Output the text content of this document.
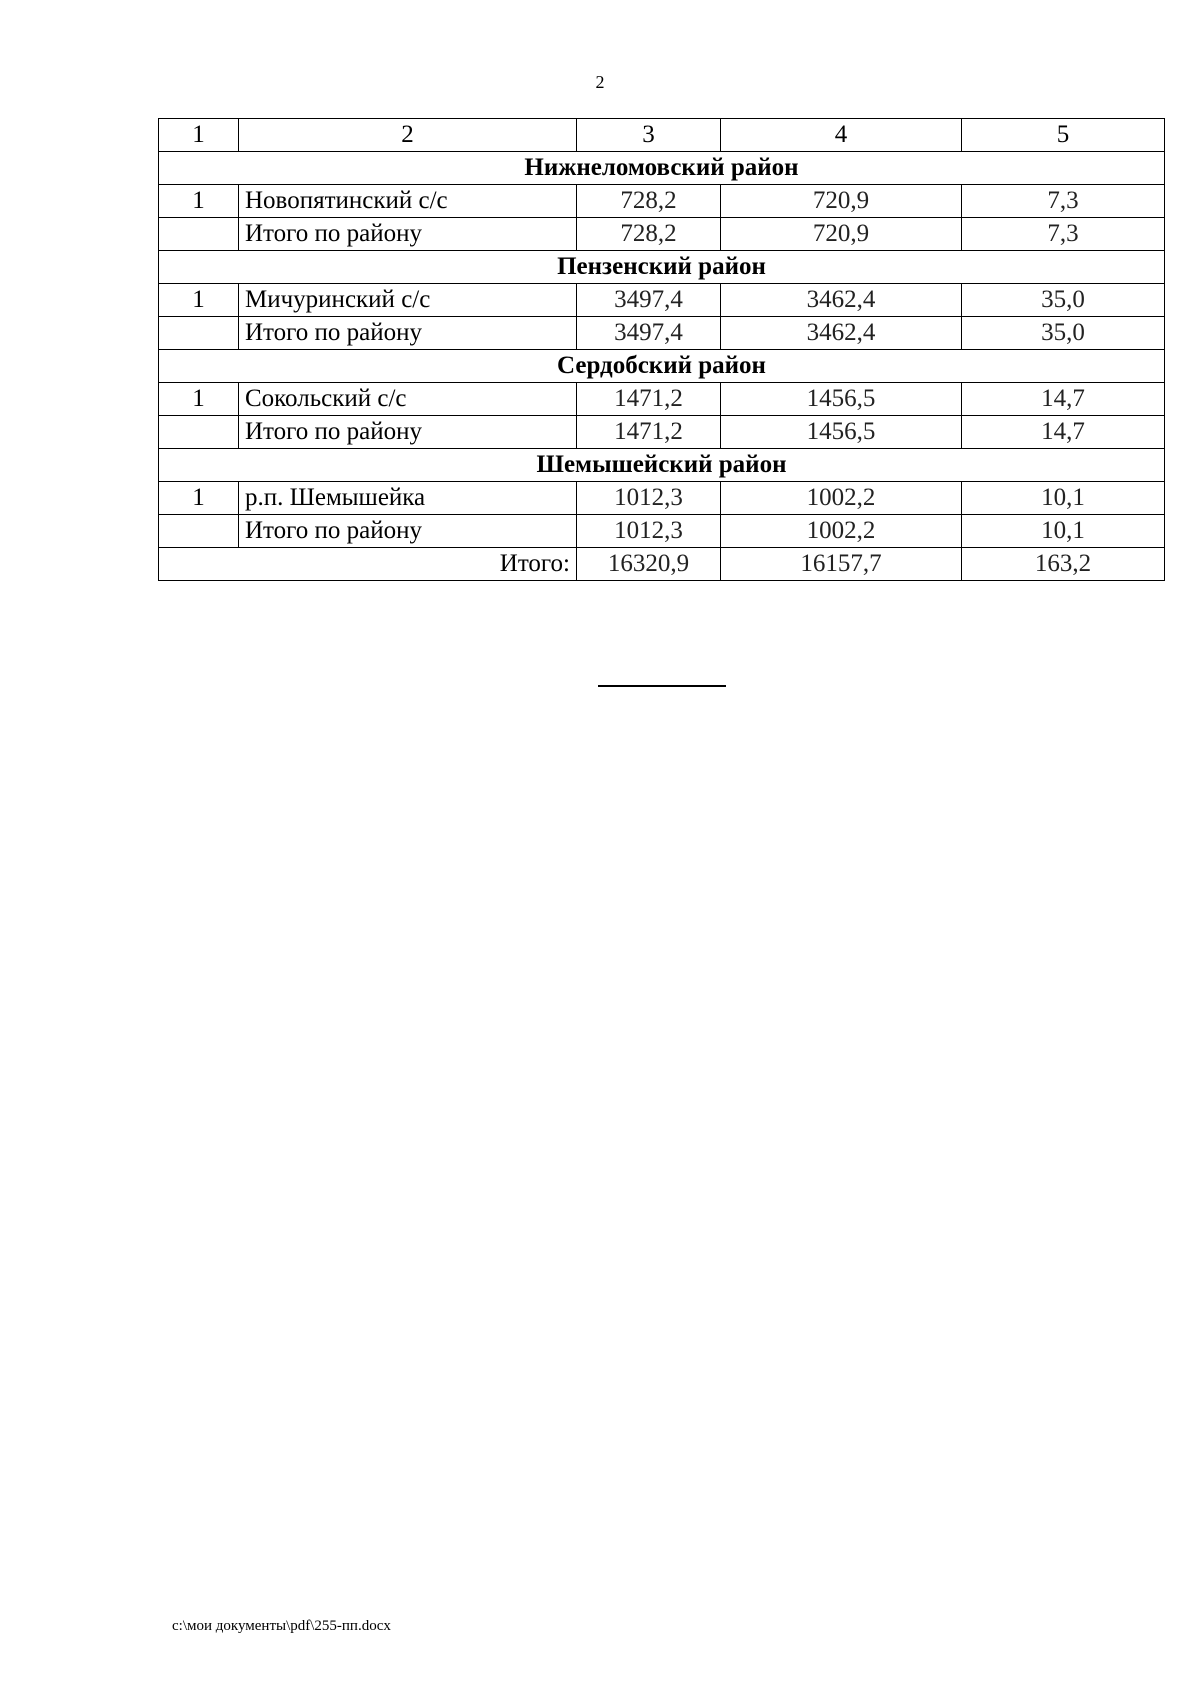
2
1	2	3	4	5
Нижнеломовский район				
1	Новопятинский с/с	728,2	720,9	7,3
	Итого по району	728,2	720,9	7,3
Пензенский район				
1	Мичуринский с/с	3497,4	3462,4	35,0
	Итого по району	3497,4	3462,4	35,0
Сердобский район				
1	Сокольский с/с	1471,2	1456,5	14,7
	Итого по району	1471,2	1456,5	14,7
Шемышейский район				
1	р.п. Шемышейка	1012,3	1002,2	10,1
	Итого по району	1012,3	1002,2	10,1
Итого:		16320,9	16157,7	163,2
c:\мои документы\pdf\255-пп.docx
